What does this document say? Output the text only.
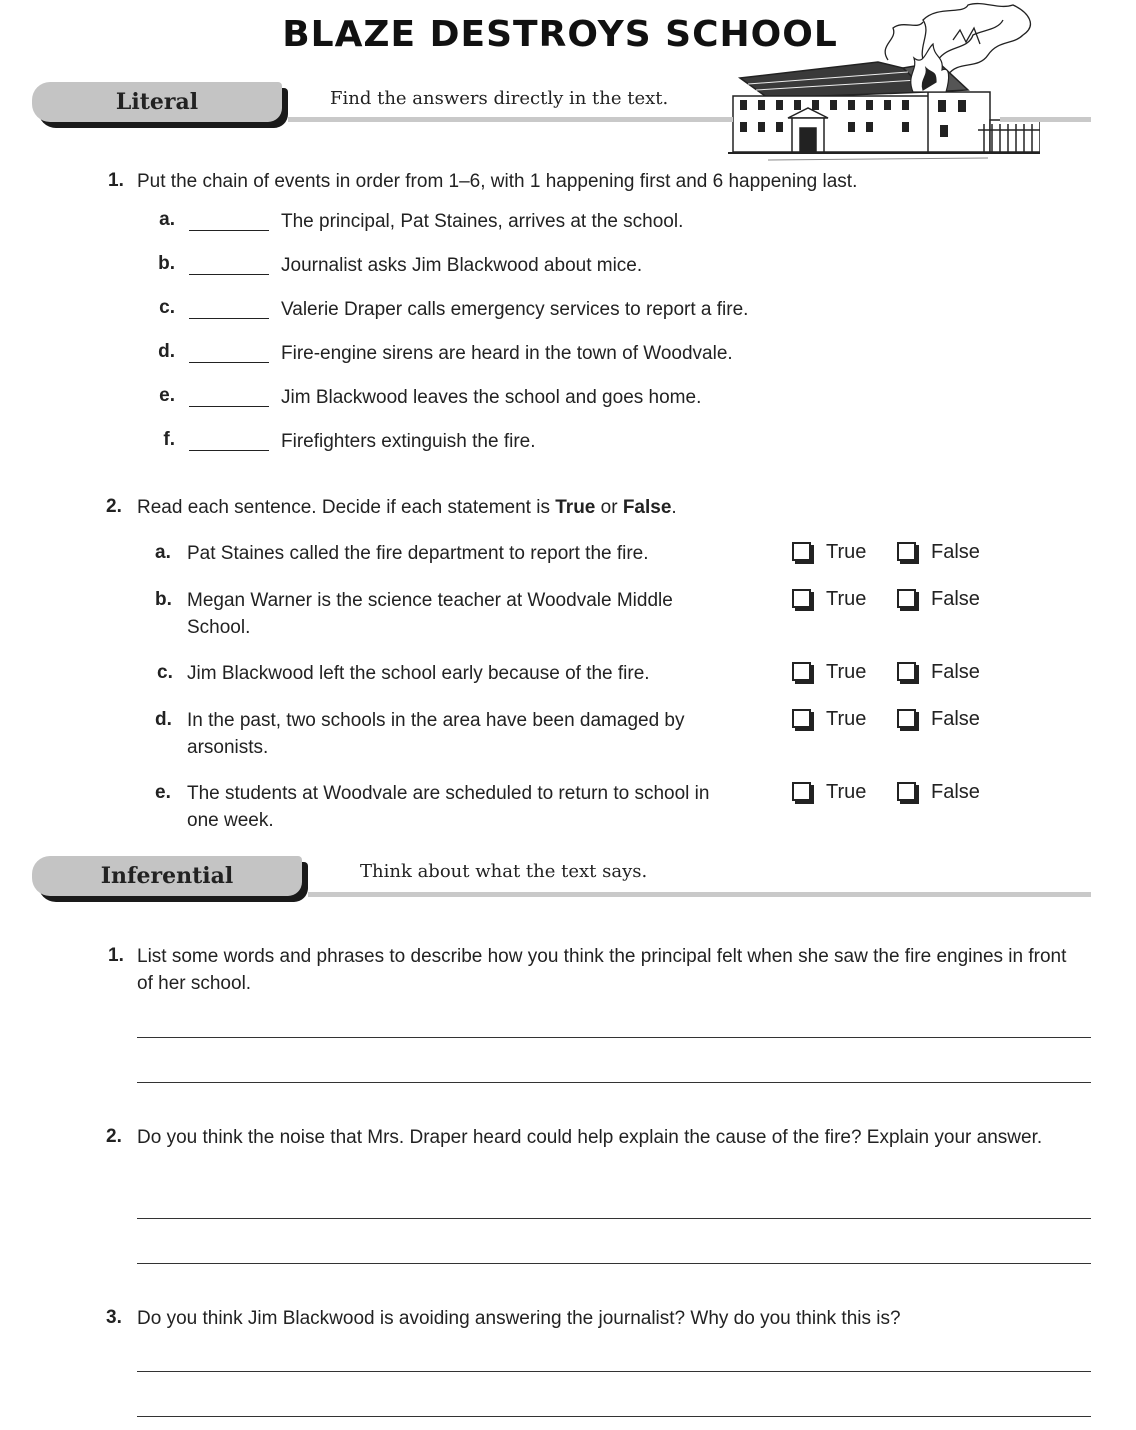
BLAZE DESTROYS SCHOOL
Literal	Find the answers directly in the text.
1. Put the chain of events in order from 1–6, with 1 happening first and 6 happening last.
a.	The principal, Pat Staines, arrives at the school.
b.	Journalist asks Jim Blackwood about mice.
c.	Valerie Draper calls emergency services to report a fire.
d.	Fire-engine sirens are heard in the town of Woodvale.
e.	Jim Blackwood leaves the school and goes home.
f.	Firefighters extinguish the fire.
2. Read each sentence. Decide if each statement is True or False.
a. Pat Staines called the fire department to report the fire.	True	False
b. Megan Warner is the science teacher at Woodvale Middle School.
True	False
c. Jim Blackwood left the school early because of the fire.	True	False
d. In the past, two schools in the area have been damaged by arsonists.
True	False
e. The students at Woodvale are scheduled to return to school in one week.
True	False
Inferential	Think about what the text says.
1. List some words and phrases to describe how you think the principal felt when she saw the fire engines in front of her school.
2. Do you think the noise that Mrs. Draper heard could help explain the cause of the fire? Explain your answer.
3. Do you think Jim Blackwood is avoiding answering the journalist? Why do you think this is?
